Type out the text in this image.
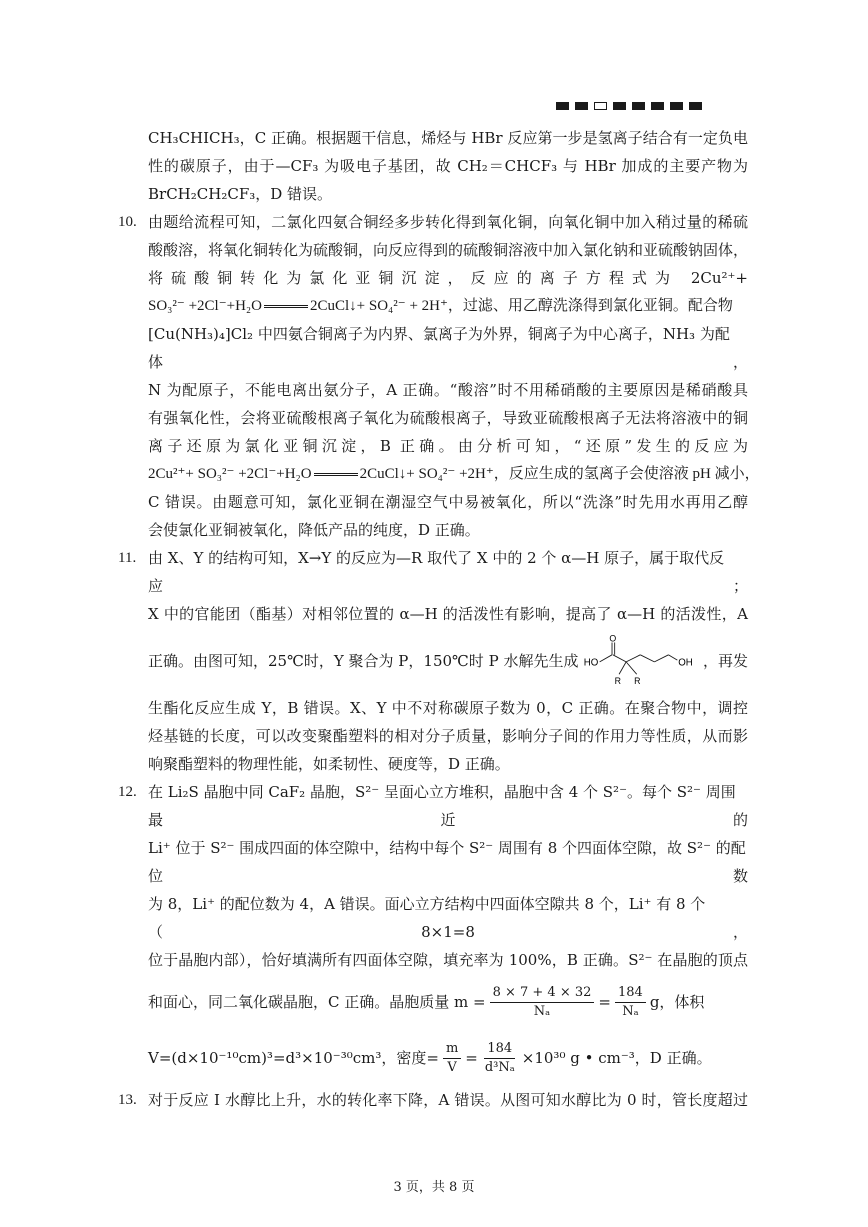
CH₃CHICH₃，C 正确。根据题干信息，烯烃与 HBr 反应第一步是氢离子结合有一定负电

性的碳原子，由于—CF₃ 为吸电子基团，故 CH₂＝CHCF₃ 与 HBr 加成的主要产物为

BrCH₂CH₂CF₃，D 错误。

10. 由题给流程可知，二氯化四氨合铜经多步转化得到氧化铜，向氧化铜中加入稍过量的稀硫

酸酸溶，将氧化铜转化为硫酸铜，向反应得到的硫酸铜溶液中加入氯化钠和亚硫酸钠固体，

将硫酸铜转化为氯化亚铜沉淀，反应的离子方程式为 2Cu²⁺+

SO₃²⁻ +2Cl⁻+H₂O	2CuCl↓+ SO₄²⁻ + 2H⁺，过滤、用乙醇洗涤得到氯化亚铜。配合物

[Cu(NH₃)₄]Cl₂ 中四氨合铜离子为内界、氯离子为外界，铜离子为中心离子，NH₃ 为配体，

N 为配原子，不能电离出氨分子，A 正确。“酸溶”时不用稀硝酸的主要原因是稀硝酸具

有强氧化性，会将亚硫酸根离子氧化为硫酸根离子，导致亚硫酸根离子无法将溶液中的铜

离子还原为氯化亚铜沉淀，B 正确。由分析可知，“还原”发生的反应为

2Cu²⁺+ SO₃²⁻ +2Cl⁻+H₂O	2CuCl↓+ SO₄²⁻ +2H⁺，反应生成的氢离子会使溶液 pH 减小，

C 错误。由题意可知，氯化亚铜在潮湿空气中易被氧化，所以“洗涤”时先用水再用乙醇

会使氯化亚铜被氧化，降低产品的纯度，D 正确。

11. 由 X、Y 的结构可知，X→Y 的反应为—R 取代了 X 中的 2 个 α—H 原子，属于取代反应；

X 中的官能团（酯基）对相邻位置的 α—H 的活泼性有影响，提高了 α—H 的活泼性，A

正确。由图可知，25℃时，Y 聚合为 P，150℃时 P 水解先生成 HO
O
R R
OH ，再发

生酯化反应生成 Y，B 错误。X、Y 中不对称碳原子数为 0，C 正确。在聚合物中，调控

烃基链的长度，可以改变聚酯塑料的相对分子质量，影响分子间的作用力等性质，从而影

响聚酯塑料的物理性能，如柔韧性、硬度等，D 正确。

12. 在 Li₂S 晶胞中同 CaF₂ 晶胞，S²⁻ 呈面心立方堆积，晶胞中含 4 个 S²⁻。每个 S²⁻ 周围最近的

Li⁺ 位于 S²⁻ 围成四面的体空隙中，结构中每个 S²⁻ 周围有 8 个四面体空隙，故 S²⁻ 的配位数

为 8，Li⁺ 的配位数为 4，A 错误。面心立方结构中四面体空隙共 8 个，Li⁺ 有 8 个（8×1=8，

位于晶胞内部），恰好填满所有四面体空隙，填充率为 100%，B 正确。S²⁻ 在晶胞的顶点

和面心，同二氧化碳晶胞，C 正确。晶胞质量 $m = \frac{8 \times 7 + 4 \times 32}{\text{Nₐ}} = \frac{184}{\text{Nₐ}}$ g，体积

V=(d×10⁻¹⁰cm)³=d³×10⁻³⁰cm³，密度= $\frac{m}{V} = \frac{184}{\text{d³Nₐ}} \times 10^{30}$ g • cm⁻³，D 正确。

13. 对于反应 Ⅰ 水醇比上升，水的转化率下降，A 错误。从图可知水醇比为 0 时，管长度超过

3 页，共 8 页
